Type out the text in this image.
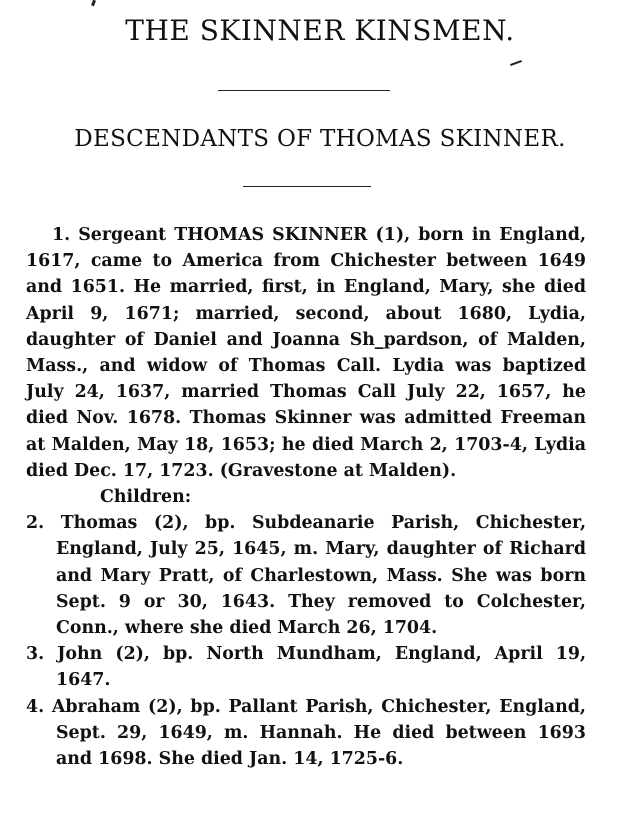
THE SKINNER KINSMEN.
DESCENDANTS OF THOMAS SKINNER.

1. Sergeant THOMAS SKINNER (1), born in England, 1617, came to America from Chichester between 1649 and 1651. He married, first, in England, Mary, she died April 9, 1671; married, second, about 1680, Lydia, daughter of Daniel and Joanna Sh_pardson, of Malden, Mass., and widow of Thomas Call. Lydia was baptized July 24, 1637, married Thomas Call July 22, 1657, he died Nov. 1678. Thomas Skinner was admitted Freeman at Malden, May 18, 1653; he died March 2, 1703-4, Lydia died Dec. 17, 1723. (Gravestone at Malden).

Children:

2. Thomas (2), bp. Subdeanarie Parish, Chichester, England, July 25, 1645, m. Mary, daughter of Richard and Mary Pratt, of Charlestown, Mass. She was born Sept. 9 or 30, 1643. They removed to Colchester, Conn., where she died March 26, 1704.

3. John (2), bp. North Mundham, England, April 19, 1647.

4. Abraham (2), bp. Pallant Parish, Chichester, England, Sept. 29, 1649, m. Hannah. He died between 1693 and 1698. She died Jan. 14, 1725-6.
